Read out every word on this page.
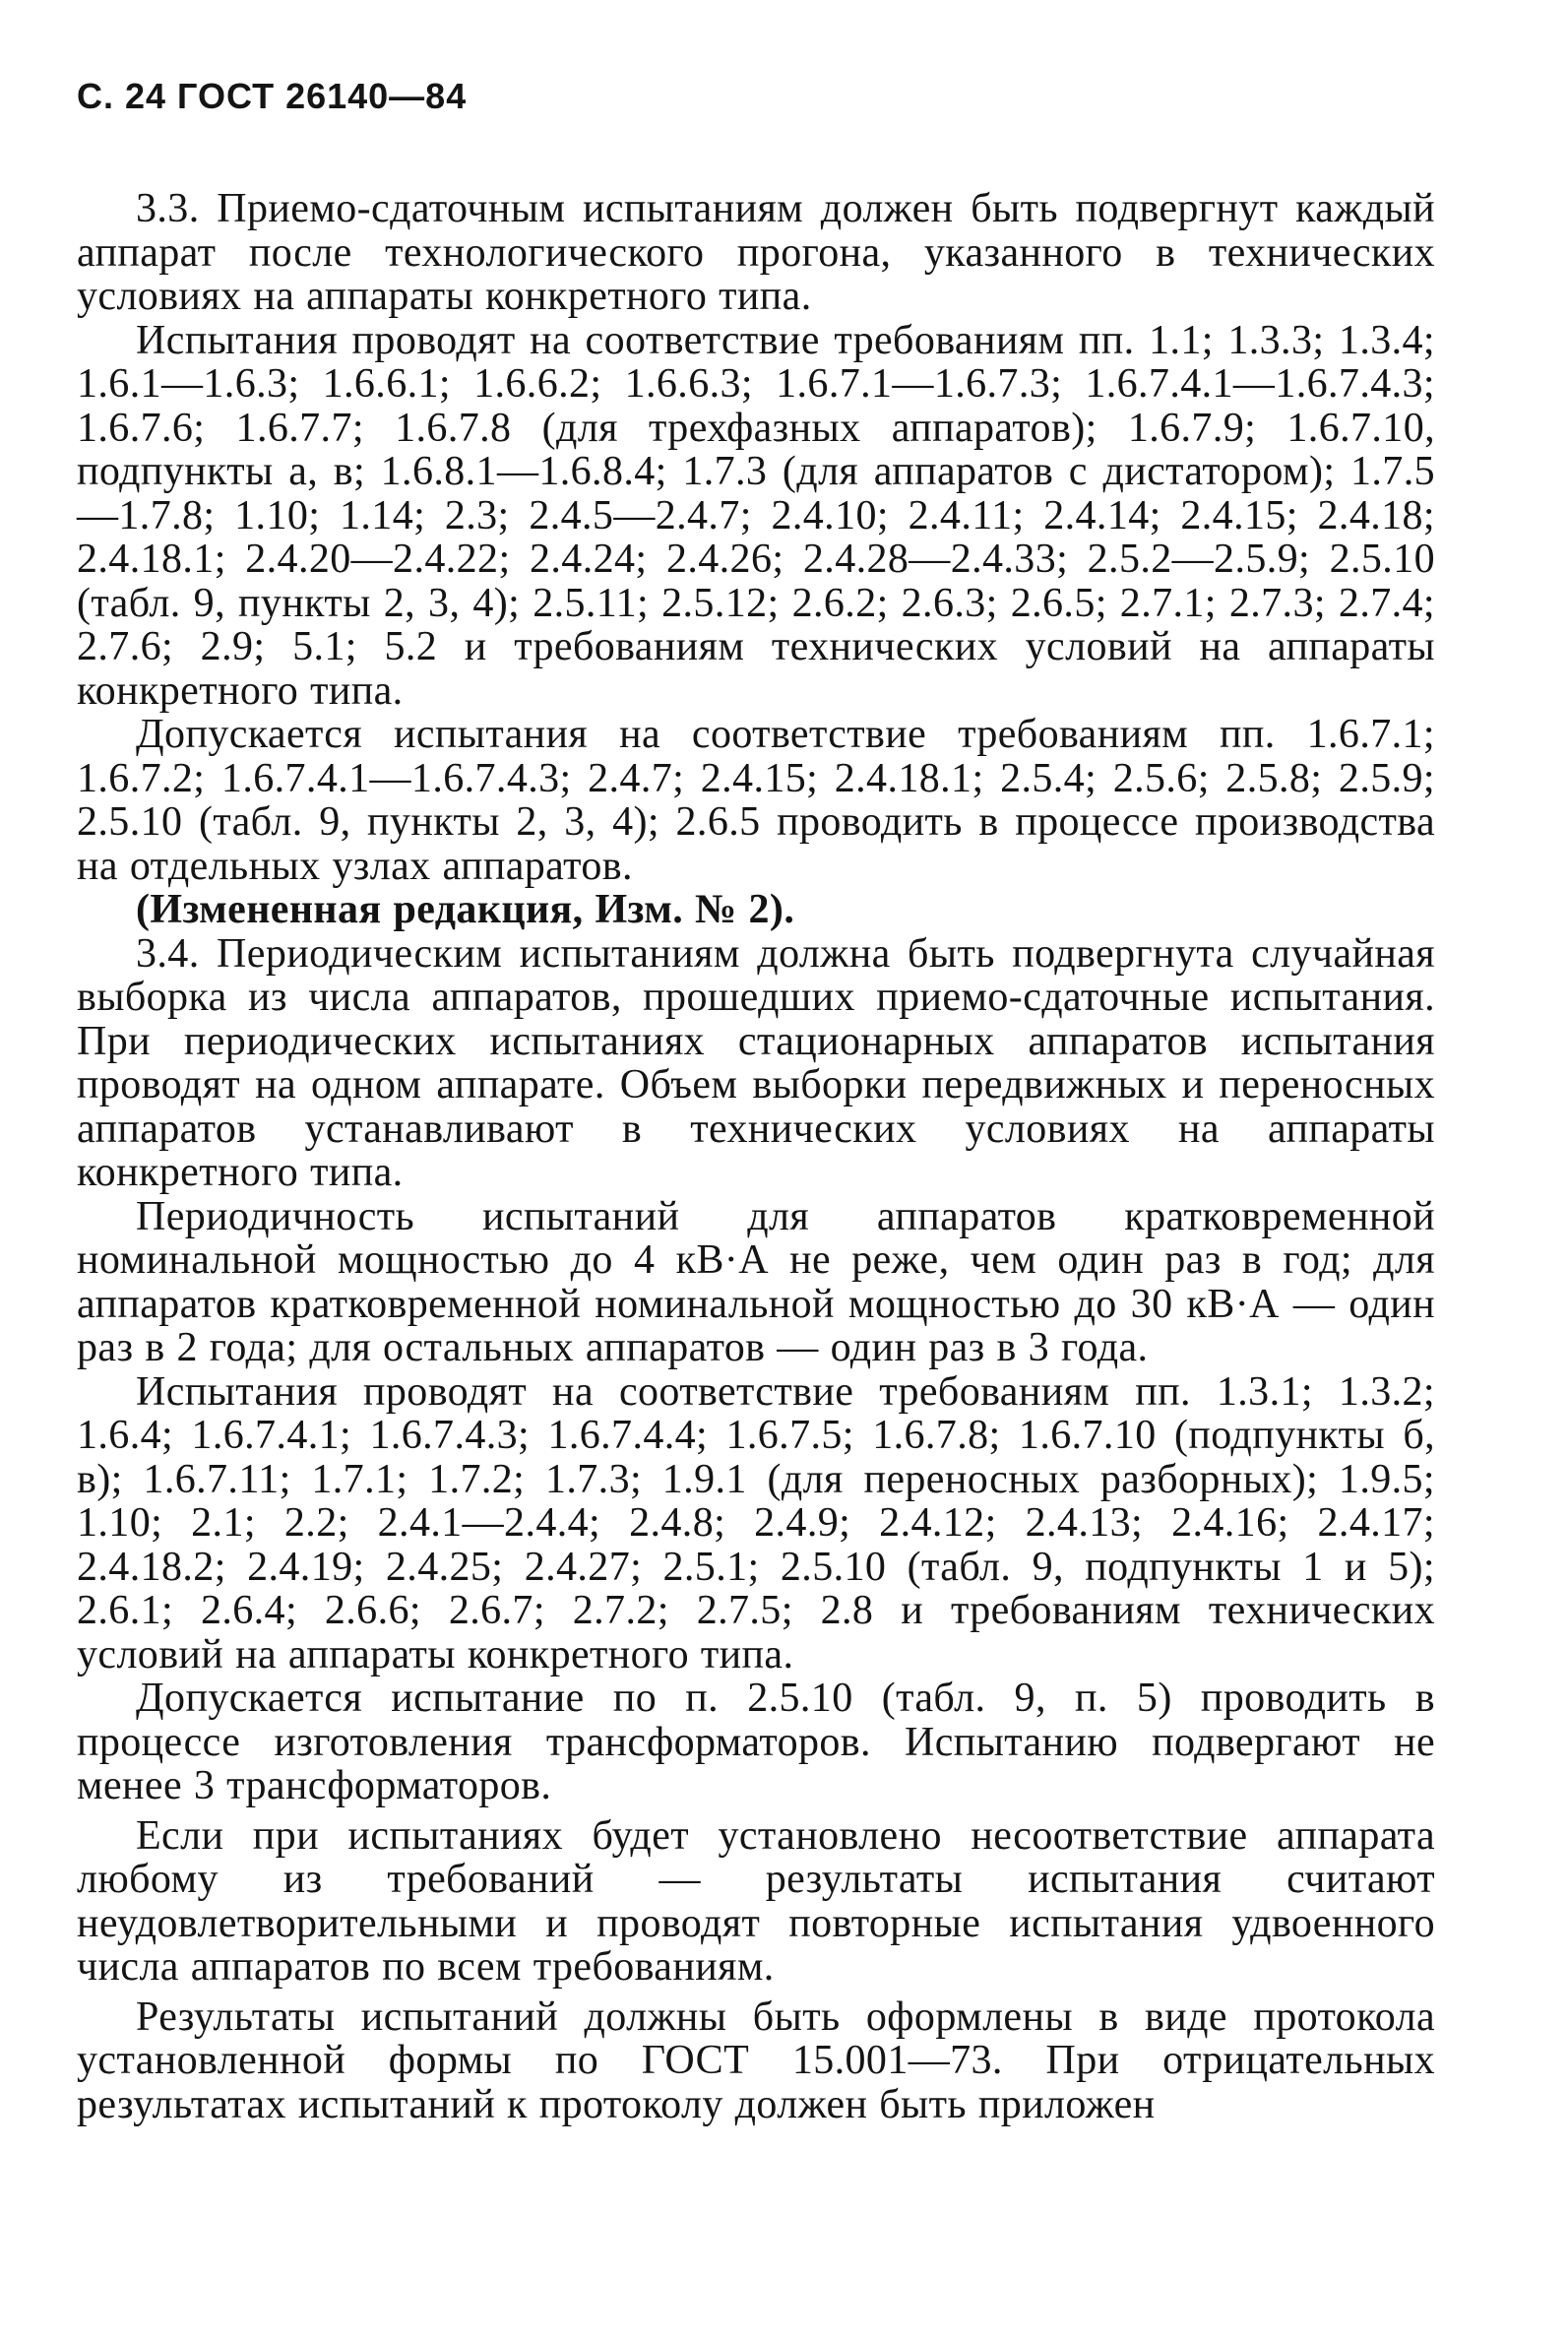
С. 24 ГОСТ 26140—84

3.3. Приемо-сдаточным испытаниям должен быть подвергнут каждый аппарат после технологического прогона, указанного в технических условиях на аппараты конкретного типа.

Испытания проводят на соответствие требованиям пп. 1.1; 1.3.3; 1.3.4; 1.6.1—1.6.3; 1.6.6.1; 1.6.6.2; 1.6.6.3; 1.6.7.1—1.6.7.3; 1.6.7.4.1—1.6.7.4.3; 1.6.7.6; 1.6.7.7; 1.6.7.8 (для трехфазных аппаратов); 1.6.7.9; 1.6.7.10, подпункты а, в; 1.6.8.1—1.6.8.4; 1.7.3 (для аппаратов с дистатором); 1.7.5—1.7.8; 1.10; 1.14; 2.3; 2.4.5—2.4.7; 2.4.10; 2.4.11; 2.4.14; 2.4.15; 2.4.18; 2.4.18.1; 2.4.20—2.4.22; 2.4.24; 2.4.26; 2.4.28—2.4.33; 2.5.2—2.5.9; 2.5.10 (табл. 9, пункты 2, 3, 4); 2.5.11; 2.5.12; 2.6.2; 2.6.3; 2.6.5; 2.7.1; 2.7.3; 2.7.4; 2.7.6; 2.9; 5.1; 5.2 и требованиям технических условий на аппараты конкретного типа.

Допускается испытания на соответствие требованиям пп. 1.6.7.1; 1.6.7.2; 1.6.7.4.1—1.6.7.4.3; 2.4.7; 2.4.15; 2.4.18.1; 2.5.4; 2.5.6; 2.5.8; 2.5.9; 2.5.10 (табл. 9, пункты 2, 3, 4); 2.6.5 проводить в процессе производства на отдельных узлах аппаратов.

(Измененная редакция, Изм. № 2).

3.4. Периодическим испытаниям должна быть подвергнута случайная выборка из числа аппаратов, прошедших приемо-сдаточные испытания. При периодических испытаниях стационарных аппаратов испытания проводят на одном аппарате. Объем выборки передвижных и переносных аппаратов устанавливают в технических условиях на аппараты конкретного типа.

Периодичность испытаний для аппаратов кратковременной номинальной мощностью до 4 кВ·А не реже, чем один раз в год; для аппаратов кратковременной номинальной мощностью до 30 кВ·А — один раз в 2 года; для остальных аппаратов — один раз в 3 года.

Испытания проводят на соответствие требованиям пп. 1.3.1; 1.3.2; 1.6.4; 1.6.7.4.1; 1.6.7.4.3; 1.6.7.4.4; 1.6.7.5; 1.6.7.8; 1.6.7.10 (подпункты б, в); 1.6.7.11; 1.7.1; 1.7.2; 1.7.3; 1.9.1 (для переносных разборных); 1.9.5; 1.10; 2.1; 2.2; 2.4.1—2.4.4; 2.4.8; 2.4.9; 2.4.12; 2.4.13; 2.4.16; 2.4.17; 2.4.18.2; 2.4.19; 2.4.25; 2.4.27; 2.5.1; 2.5.10 (табл. 9, подпункты 1 и 5); 2.6.1; 2.6.4; 2.6.6; 2.6.7; 2.7.2; 2.7.5; 2.8 и требованиям технических условий на аппараты конкретного типа.

Допускается испытание по п. 2.5.10 (табл. 9, п. 5) проводить в процессе изготовления трансформаторов. Испытанию подвергают не менее 3 трансформаторов.

Если при испытаниях будет установлено несоответствие аппарата любому из требований — результаты испытания считают неудовлетворительными и проводят повторные испытания удвоенного числа аппаратов по всем требованиям.

Результаты испытаний должны быть оформлены в виде протокола установленной формы по ГОСТ 15.001—73. При отрицательных результатах испытаний к протоколу должен быть приложен
